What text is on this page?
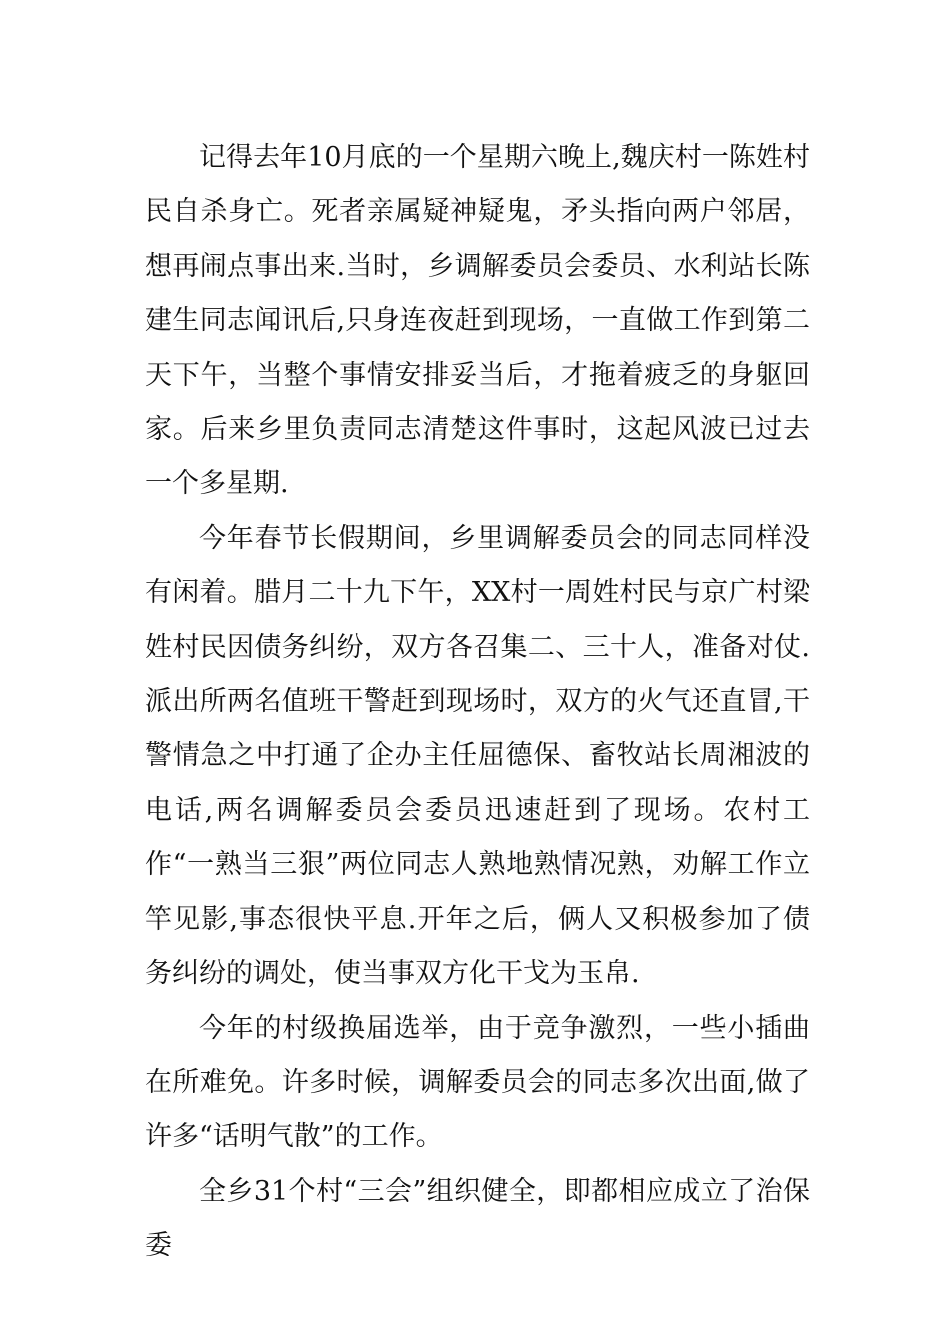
记得去年10月底的一个星期六晚上,魏庆村一陈姓村民自杀身亡。死者亲属疑神疑鬼，矛头指向两户邻居，想再闹点事出来.当时，乡调解委员会委员、水利站长陈建生同志闻讯后,只身连夜赶到现场，一直做工作到第二天下午，当整个事情安排妥当后，才拖着疲乏的身躯回家。后来乡里负责同志清楚这件事时，这起风波已过去一个多星期.

今年春节长假期间，乡里调解委员会的同志同样没有闲着。腊月二十九下午，XX村一周姓村民与京广村梁姓村民因债务纠纷，双方各召集二、三十人，准备对仗.派出所两名值班干警赶到现场时，双方的火气还直冒,干警情急之中打通了企办主任屈德保、畜牧站长周湘波的电话,两名调解委员会委员迅速赶到了现场。农村工作“一熟当三狠”两位同志人熟地熟情况熟，劝解工作立竿见影,事态很快平息.开年之后，俩人又积极参加了债务纠纷的调处，使当事双方化干戈为玉帛.

今年的村级换届选举，由于竞争激烈，一些小插曲在所难免。许多时候，调解委员会的同志多次出面,做了许多“话明气散”的工作。

全乡31个村“三会”组织健全，即都相应成立了治保委
